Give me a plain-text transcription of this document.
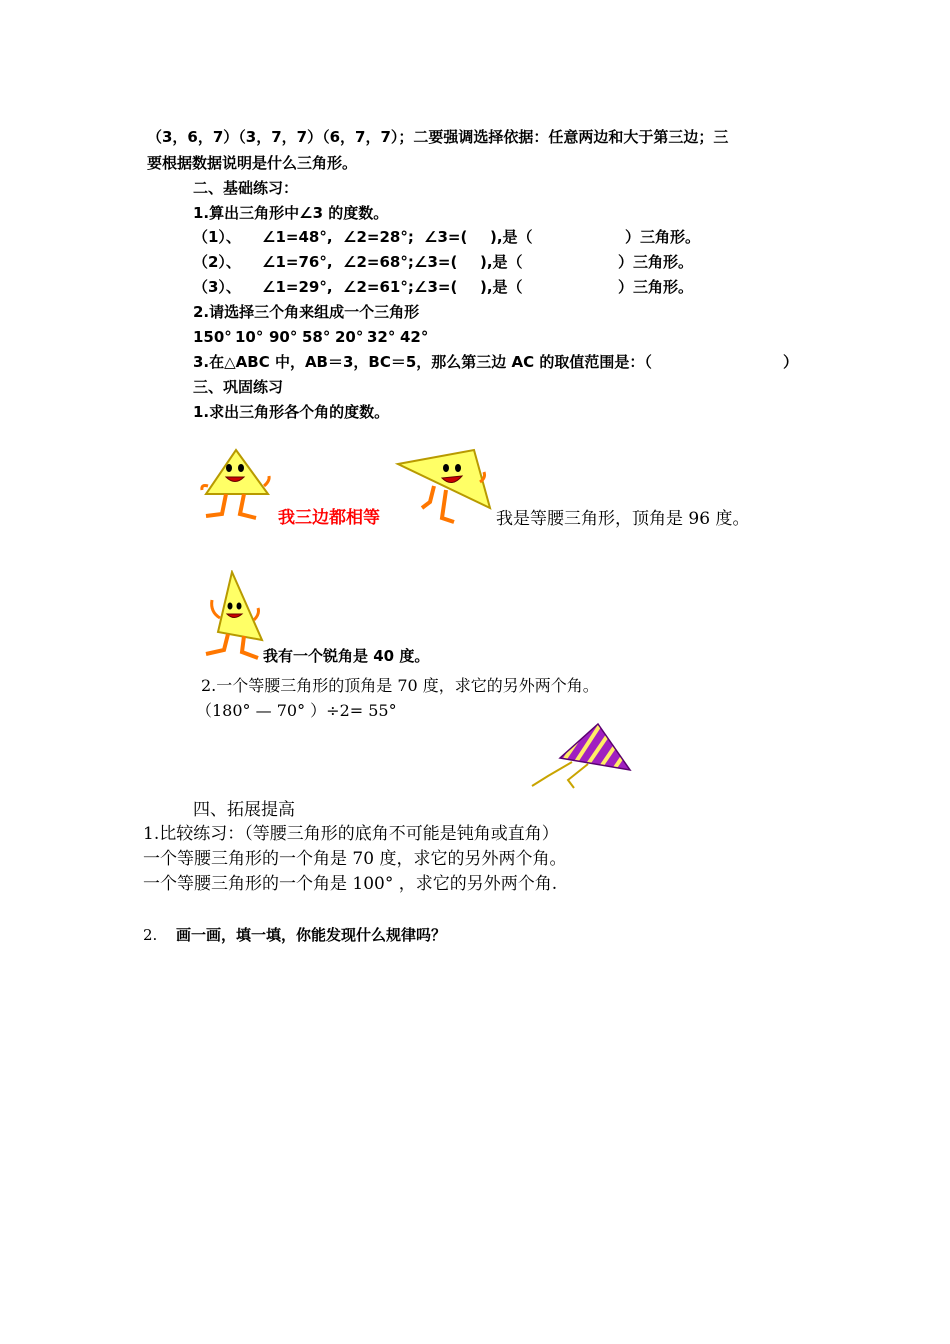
（3，6，7）（3，7，7）（6，7，7）；二要强调选择依据：任意两边和大于第三边；三
要根据数据说明是什么三角形。
二、基础练习：
1.算出三角形中∠3 的度数。
（1）、 ∠1=48°, ∠2=28°; ∠3=( ),是（	）三角形。
（2）、 ∠1=76°, ∠2=68°; ∠3=( ),是（	）三角形。
（3）、 ∠1=29°, ∠2=61°; ∠3=( ),是（	）三角形。
2.请选择三个角来组成一个三角形
150° 10° 90° 58° 20° 32° 42°
3.在△ABC 中，AB＝3，BC＝5，那么第三边 AC 的取值范围是：（	）
三、巩固练习
1.求出三角形各个角的度数。
我三边都相等	我是等腰三角形，顶角是 96 度。
我有一个锐角是 40 度。
2.一个等腰三角形的顶角是 70 度，求它的另外两个角。
（180° — 70° ）÷2= 55°
四、拓展提高
1.比较练习：（等腰三角形的底角不可能是钝角或直角）
一个等腰三角形的一个角是 70 度，求它的另外两个角。
一个等腰三角形的一个角是 100° ，求它的另外两个角.
2. 画一画，填一填，你能发现什么规律吗？
